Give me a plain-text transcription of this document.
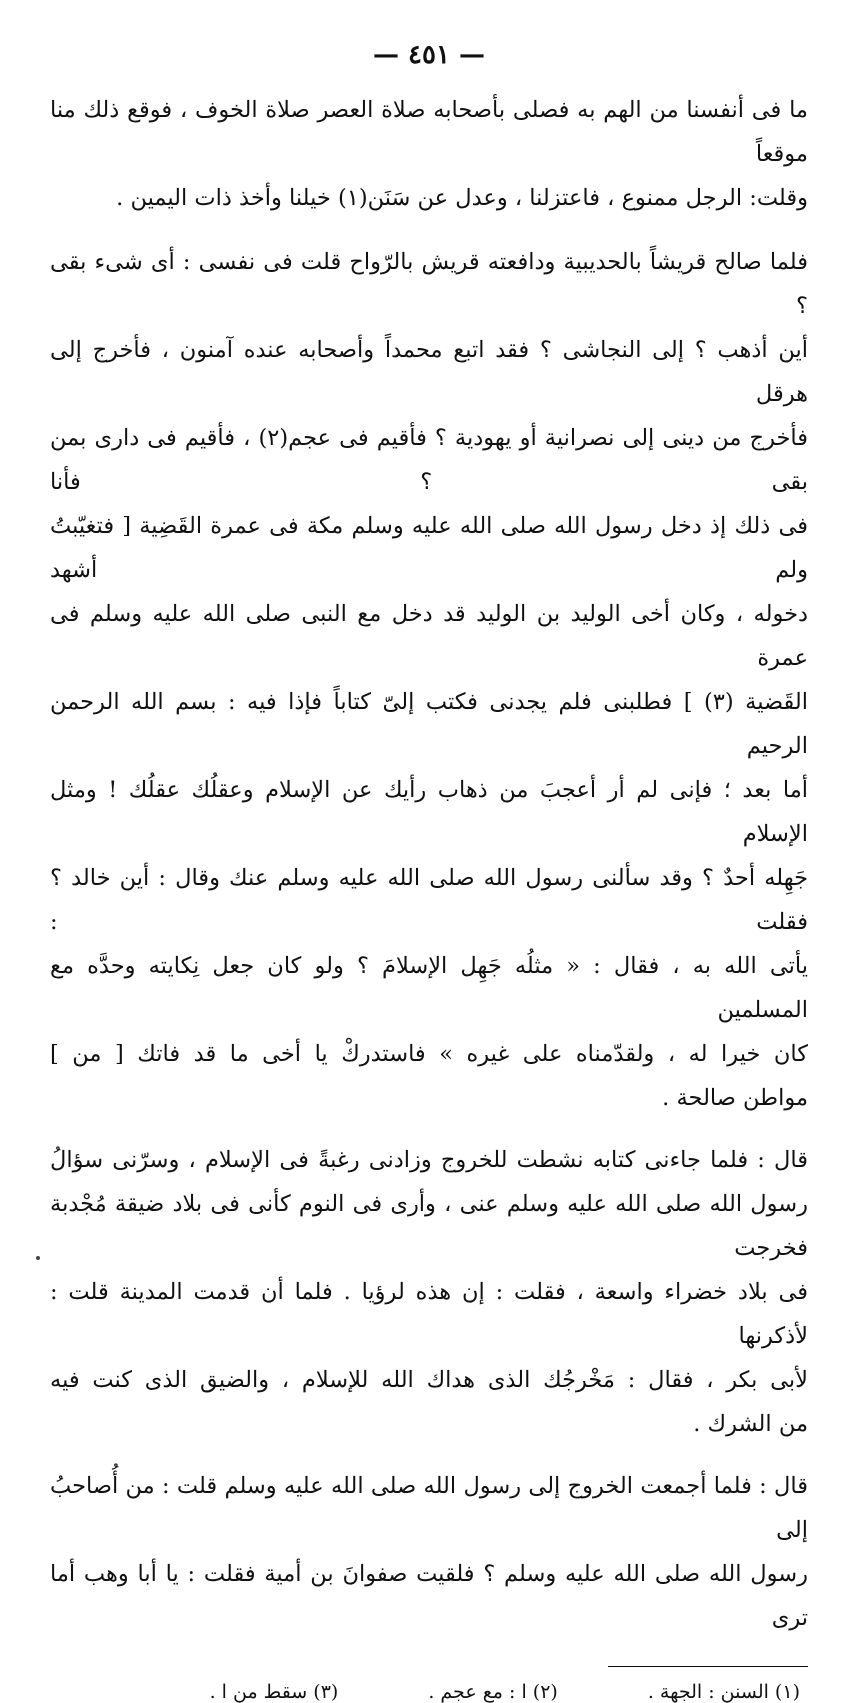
— ٤٥١ —
ما فى أنفسنا من الهم به فصلى بأصحابه صلاة العصر صلاة الخوف ، فوقع ذلك منا موقعاً
وقلت: الرجل ممنوع ، فاعتزلنا ، وعدل عن سَنَن(١) خيلنا وأخذ ذات اليمين .
فلما صالح قريشاً بالحديبية ودافعته قريش بالرّواح قلت فى نفسى : أى شىء بقى ؟
أين أذهب ؟ إلى النجاشى ؟ فقد اتبع محمداً وأصحابه عنده آمنون ، فأخرج إلى هرقل
فأخرج من دينى إلى نصرانية أو يهودية ؟ فأقيم فى عجم(٢) ، فأقيم فى دارى بمن بقى ؟ فأنا
فى ذلك إذ دخل رسول الله صلى الله عليه وسلم مكة فى عمرة القَضِية [ فتغيّبتُ ولم أشهد
دخوله ، وكان أخى الوليد بن الوليد قد دخل مع النبى صلى الله عليه وسلم فى عمرة
القَضية (٣) ] فطلبنى فلم يجدنى فكتب إلىّ كتاباً فإذا فيه : بسم الله الرحمن الرحيم
أما بعد ؛ فإنى لم أر أعجبَ من ذهاب رأيك عن الإسلام وعقلُك عقلُك ! ومثل الإسلام
جَهِله أحدٌ ؟ وقد سألنى رسول الله صلى الله عليه وسلم عنك وقال : أين خالد ؟ فقلت :
يأتى الله به ، فقال : « مثلُه جَهِل الإسلامَ ؟ ولو كان جعل نِكايته وحدَّه مع المسلمين
كان خيرا له ، ولقدّمناه على غيره » فاستدركْ يا أخى ما قد فاتك [ من ]
مواطن صالحة .
قال : فلما جاءنى كتابه نشطت للخروج وزادنى رغبةً فى الإسلام ، وسرّنى سؤالُ
رسول الله صلى الله عليه وسلم عنى ، وأرى فى النوم كأنى فى بلاد ضيقة مُجْدبة فخرجت
فى بلاد خضراء واسعة ، فقلت : إن هذه لرؤيا . فلما أن قدمت المدينة قلت : لأذكرنها
لأبى بكر ، فقال : مَخْرجُك الذى هداك الله للإسلام ، والضيق الذى كنت فيه
من الشرك .
قال : فلما أجمعت الخروج إلى رسول الله صلى الله عليه وسلم قلت : من أُصاحبُ إلى
رسول الله صلى الله عليه وسلم ؟ فلقيت صفوانَ بن أمية فقلت : يا أبا وهب أما ترى
(١) السنن : الجهة .
(٢) ا : مع عجم .
(٣) سقط من ا .
